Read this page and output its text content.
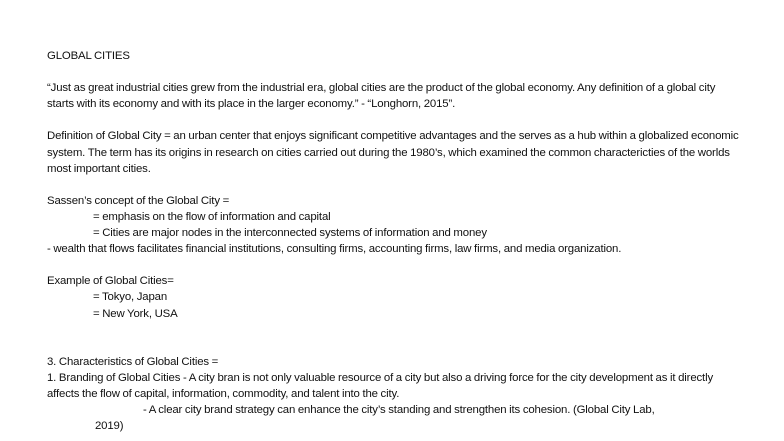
GLOBAL CITIES

“Just as great industrial cities grew from the industrial era, global cities are the product of the global economy. Any definition of a global city starts with its economy and with its place in the larger economy.” - “Longhorn, 2015”.

Definition of Global City = an urban center that enjoys significant competitive advantages and the serves as a hub within a globalized economic system. The term has its origins in research on cities carried out during the 1980’s, which examined the common charactericties of the worlds most important cities.

Sassen’s concept of the Global City =

= emphasis on the flow of information and capital

= Cities are major nodes in the interconnected systems of information and money

- wealth that flows facilitates financial institutions, consulting firms, accounting firms, law firms, and media organization.

Example of Global Cities=

= Tokyo, Japan

= New York, USA

3. Characteristics of Global Cities =

1. Branding of Global Cities - A city bran is not only valuable resource of a city but also a driving force for the city development as it directly affects the flow of capital, information, commodity, and talent into the city.

- A clear city brand strategy can enhance the city’s standing and strengthen its cohesion. (Global City Lab,
2019)
